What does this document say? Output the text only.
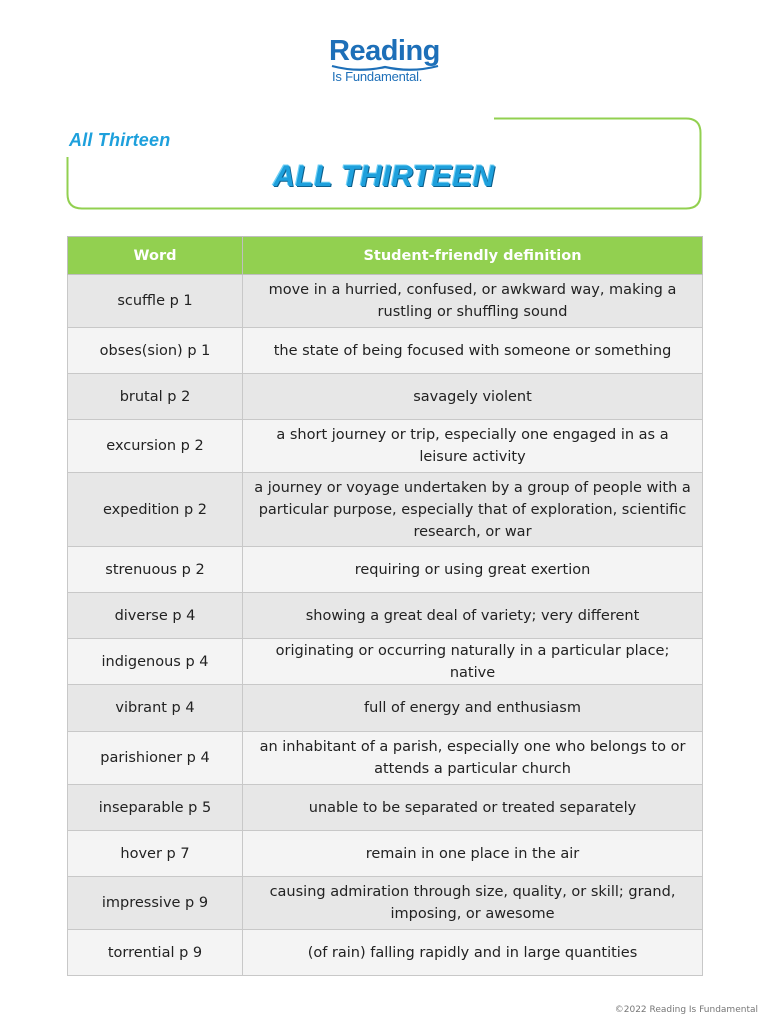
Reading
Is Fundamental.
All Thirteen
ALL THIRTEEN
Word	Student-friendly definition
scuffle p 1	move in a hurried, confused, or awkward way, making a rustling or shuffling sound
obses(sion) p 1	the state of being focused with someone or something
brutal p 2	savagely violent
excursion p 2	a short journey or trip, especially one engaged in as a leisure activity
expedition p 2	a journey or voyage undertaken by a group of people with a particular purpose, especially that of exploration, scientific research, or war
strenuous p 2	requiring or using great exertion
diverse p 4	showing a great deal of variety; very different
indigenous p 4	originating or occurring naturally in a particular place; native
vibrant p 4	full of energy and enthusiasm
parishioner p 4	an inhabitant of a parish, especially one who belongs to or attends a particular church
inseparable p 5	unable to be separated or treated separately
hover p 7	remain in one place in the air
impressive p 9	causing admiration through size, quality, or skill; grand, imposing, or awesome
torrential p 9	(of rain) falling rapidly and in large quantities
©2022 Reading Is Fundamental
